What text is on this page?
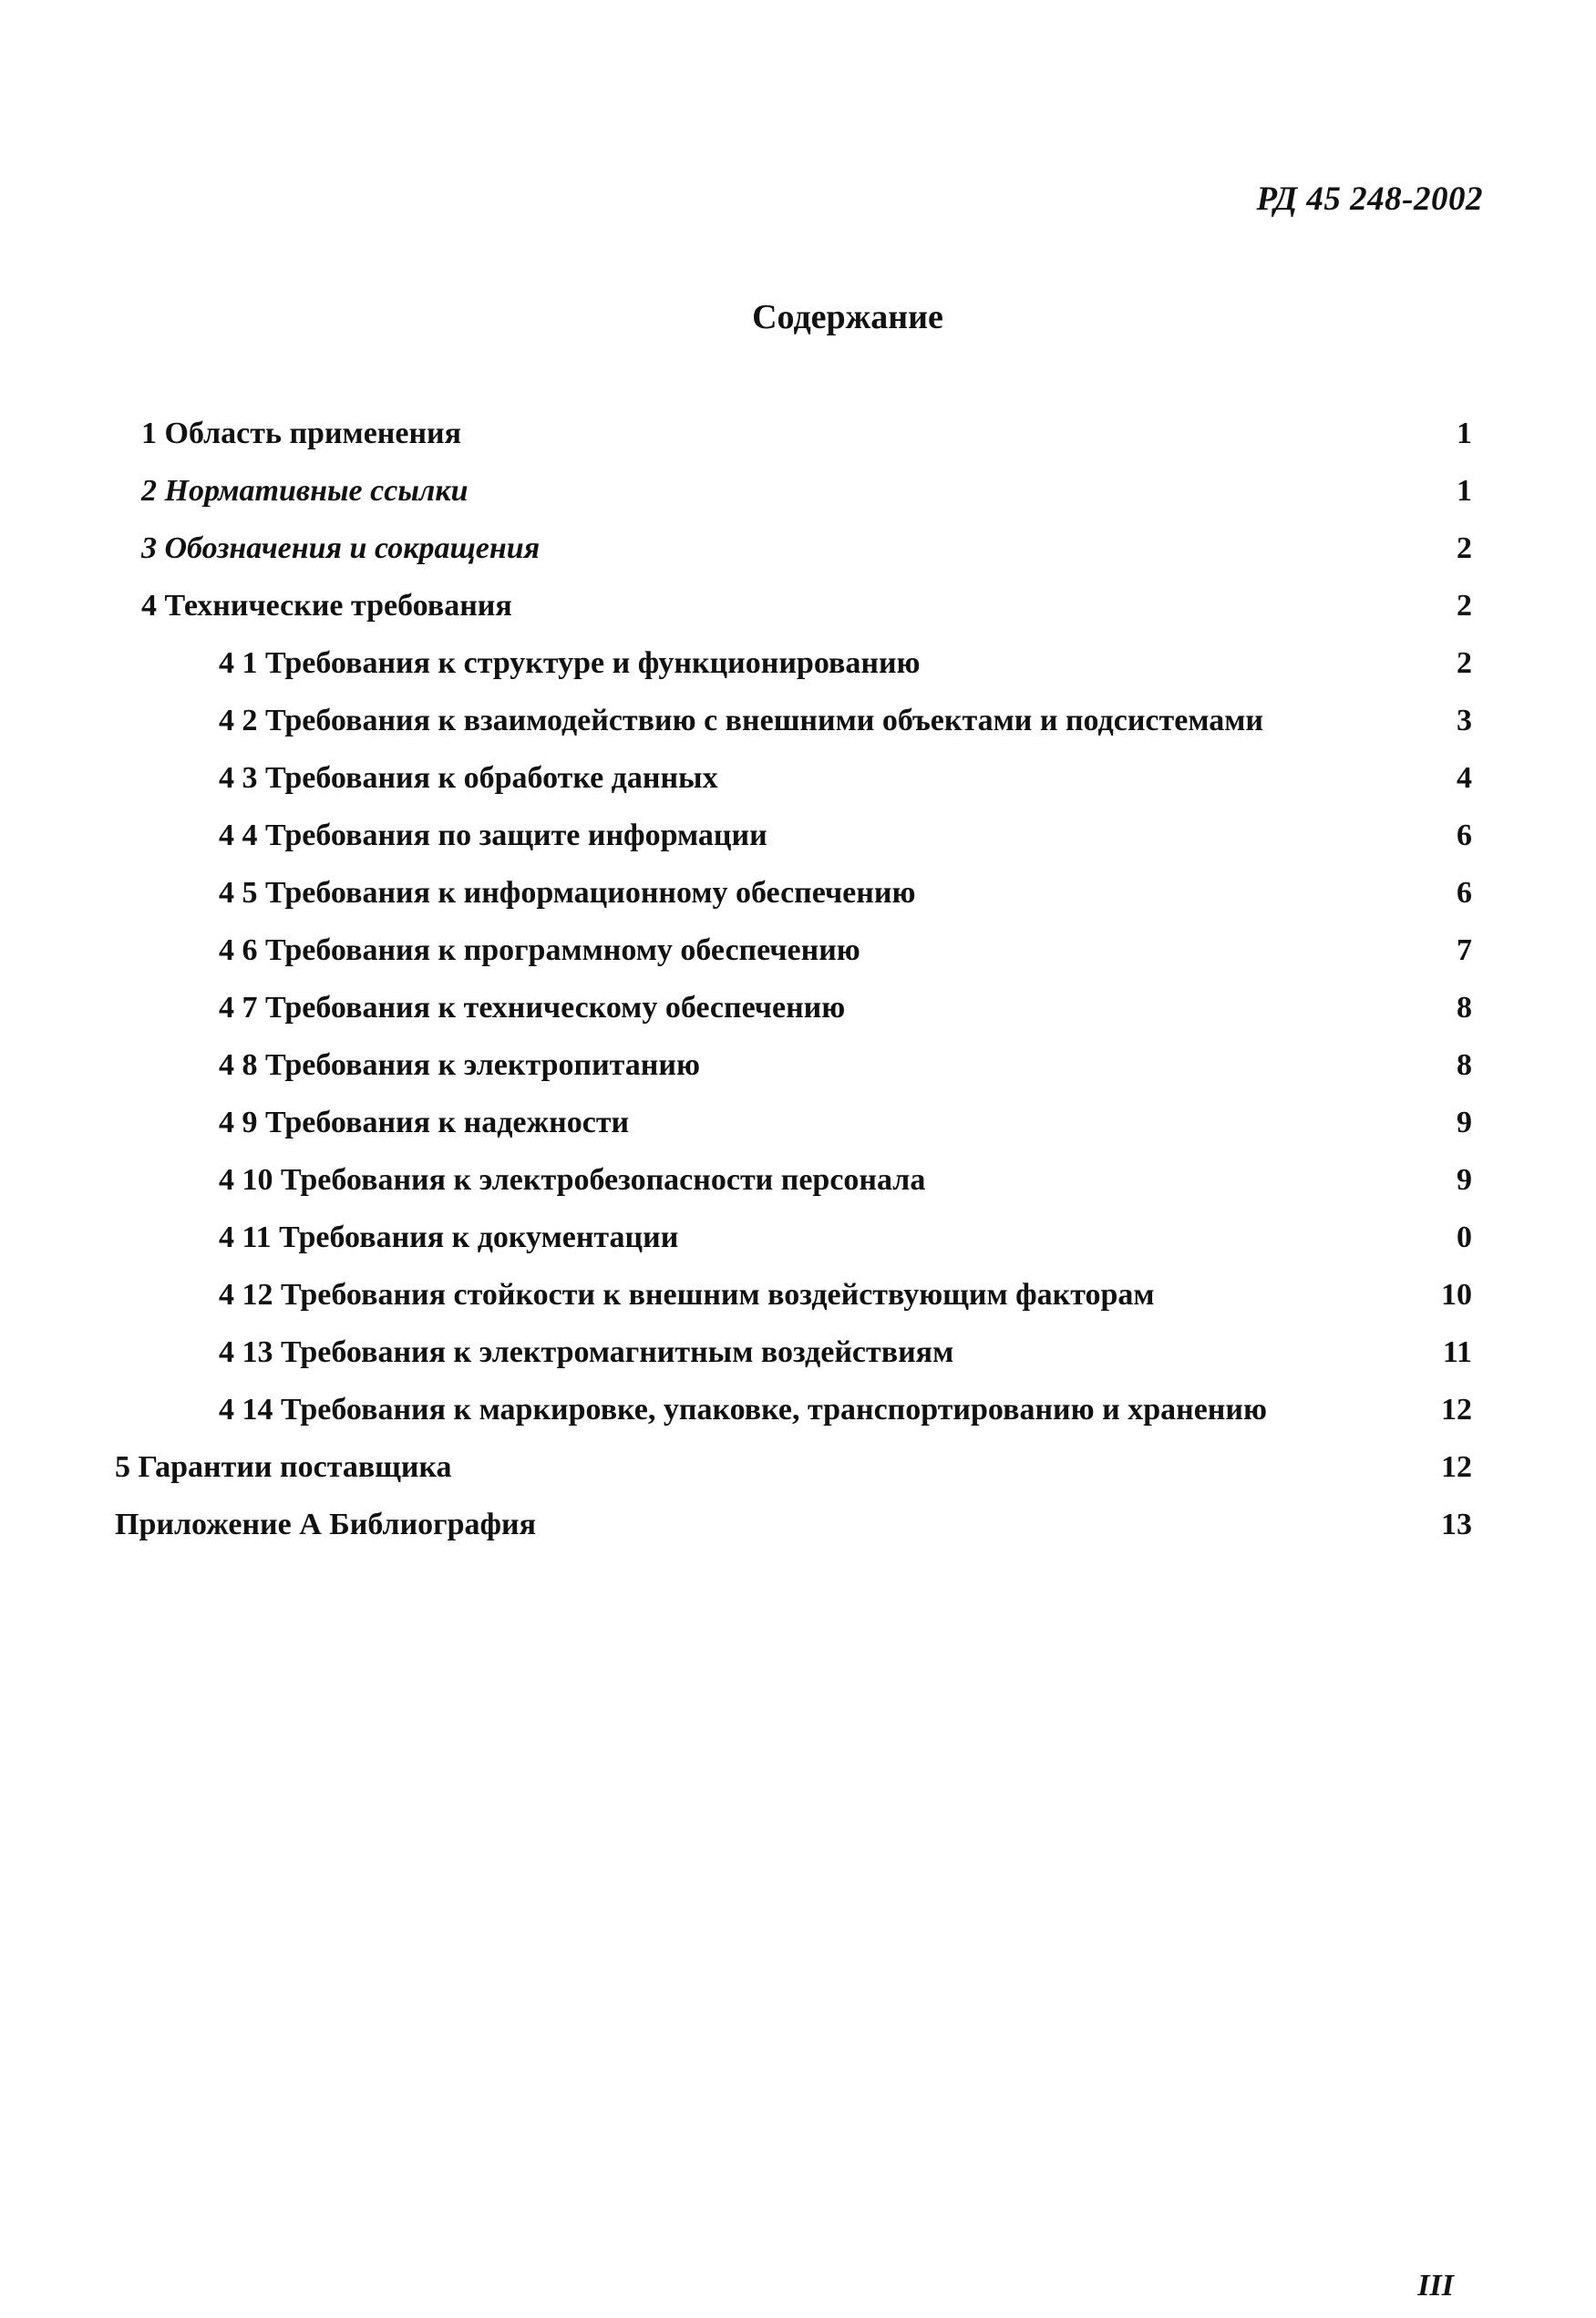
РД 45 248-2002
Содержание
1 Область применения	1
2 Нормативные ссылки	1
3 Обозначения и сокращения	2
4 Технические требования	2
4 1 Требования к структуре и функционированию	2
4 2 Требования к взаимодействию с внешними объектами и подсистемами	3
4 3 Требования к обработке данных	4
4 4 Требования по защите информации	6
4 5 Требования к информационному обеспечению	6
4 6 Требования к программному обеспечению	7
4 7 Требования к техническому обеспечению	8
4 8 Требования к электропитанию	8
4 9 Требования к надежности	9
4 10 Требования к электробезопасности персонала	9
4 11 Требования к документации	0
4 12 Требования стойкости к внешним воздействующим факторам	10
4 13 Требования к электромагнитным воздействиям	11
4 14 Требования к маркировке, упаковке, транспортированию и хранению	12
5 Гарантии поставщика	12
Приложение А Библиография	13
III
